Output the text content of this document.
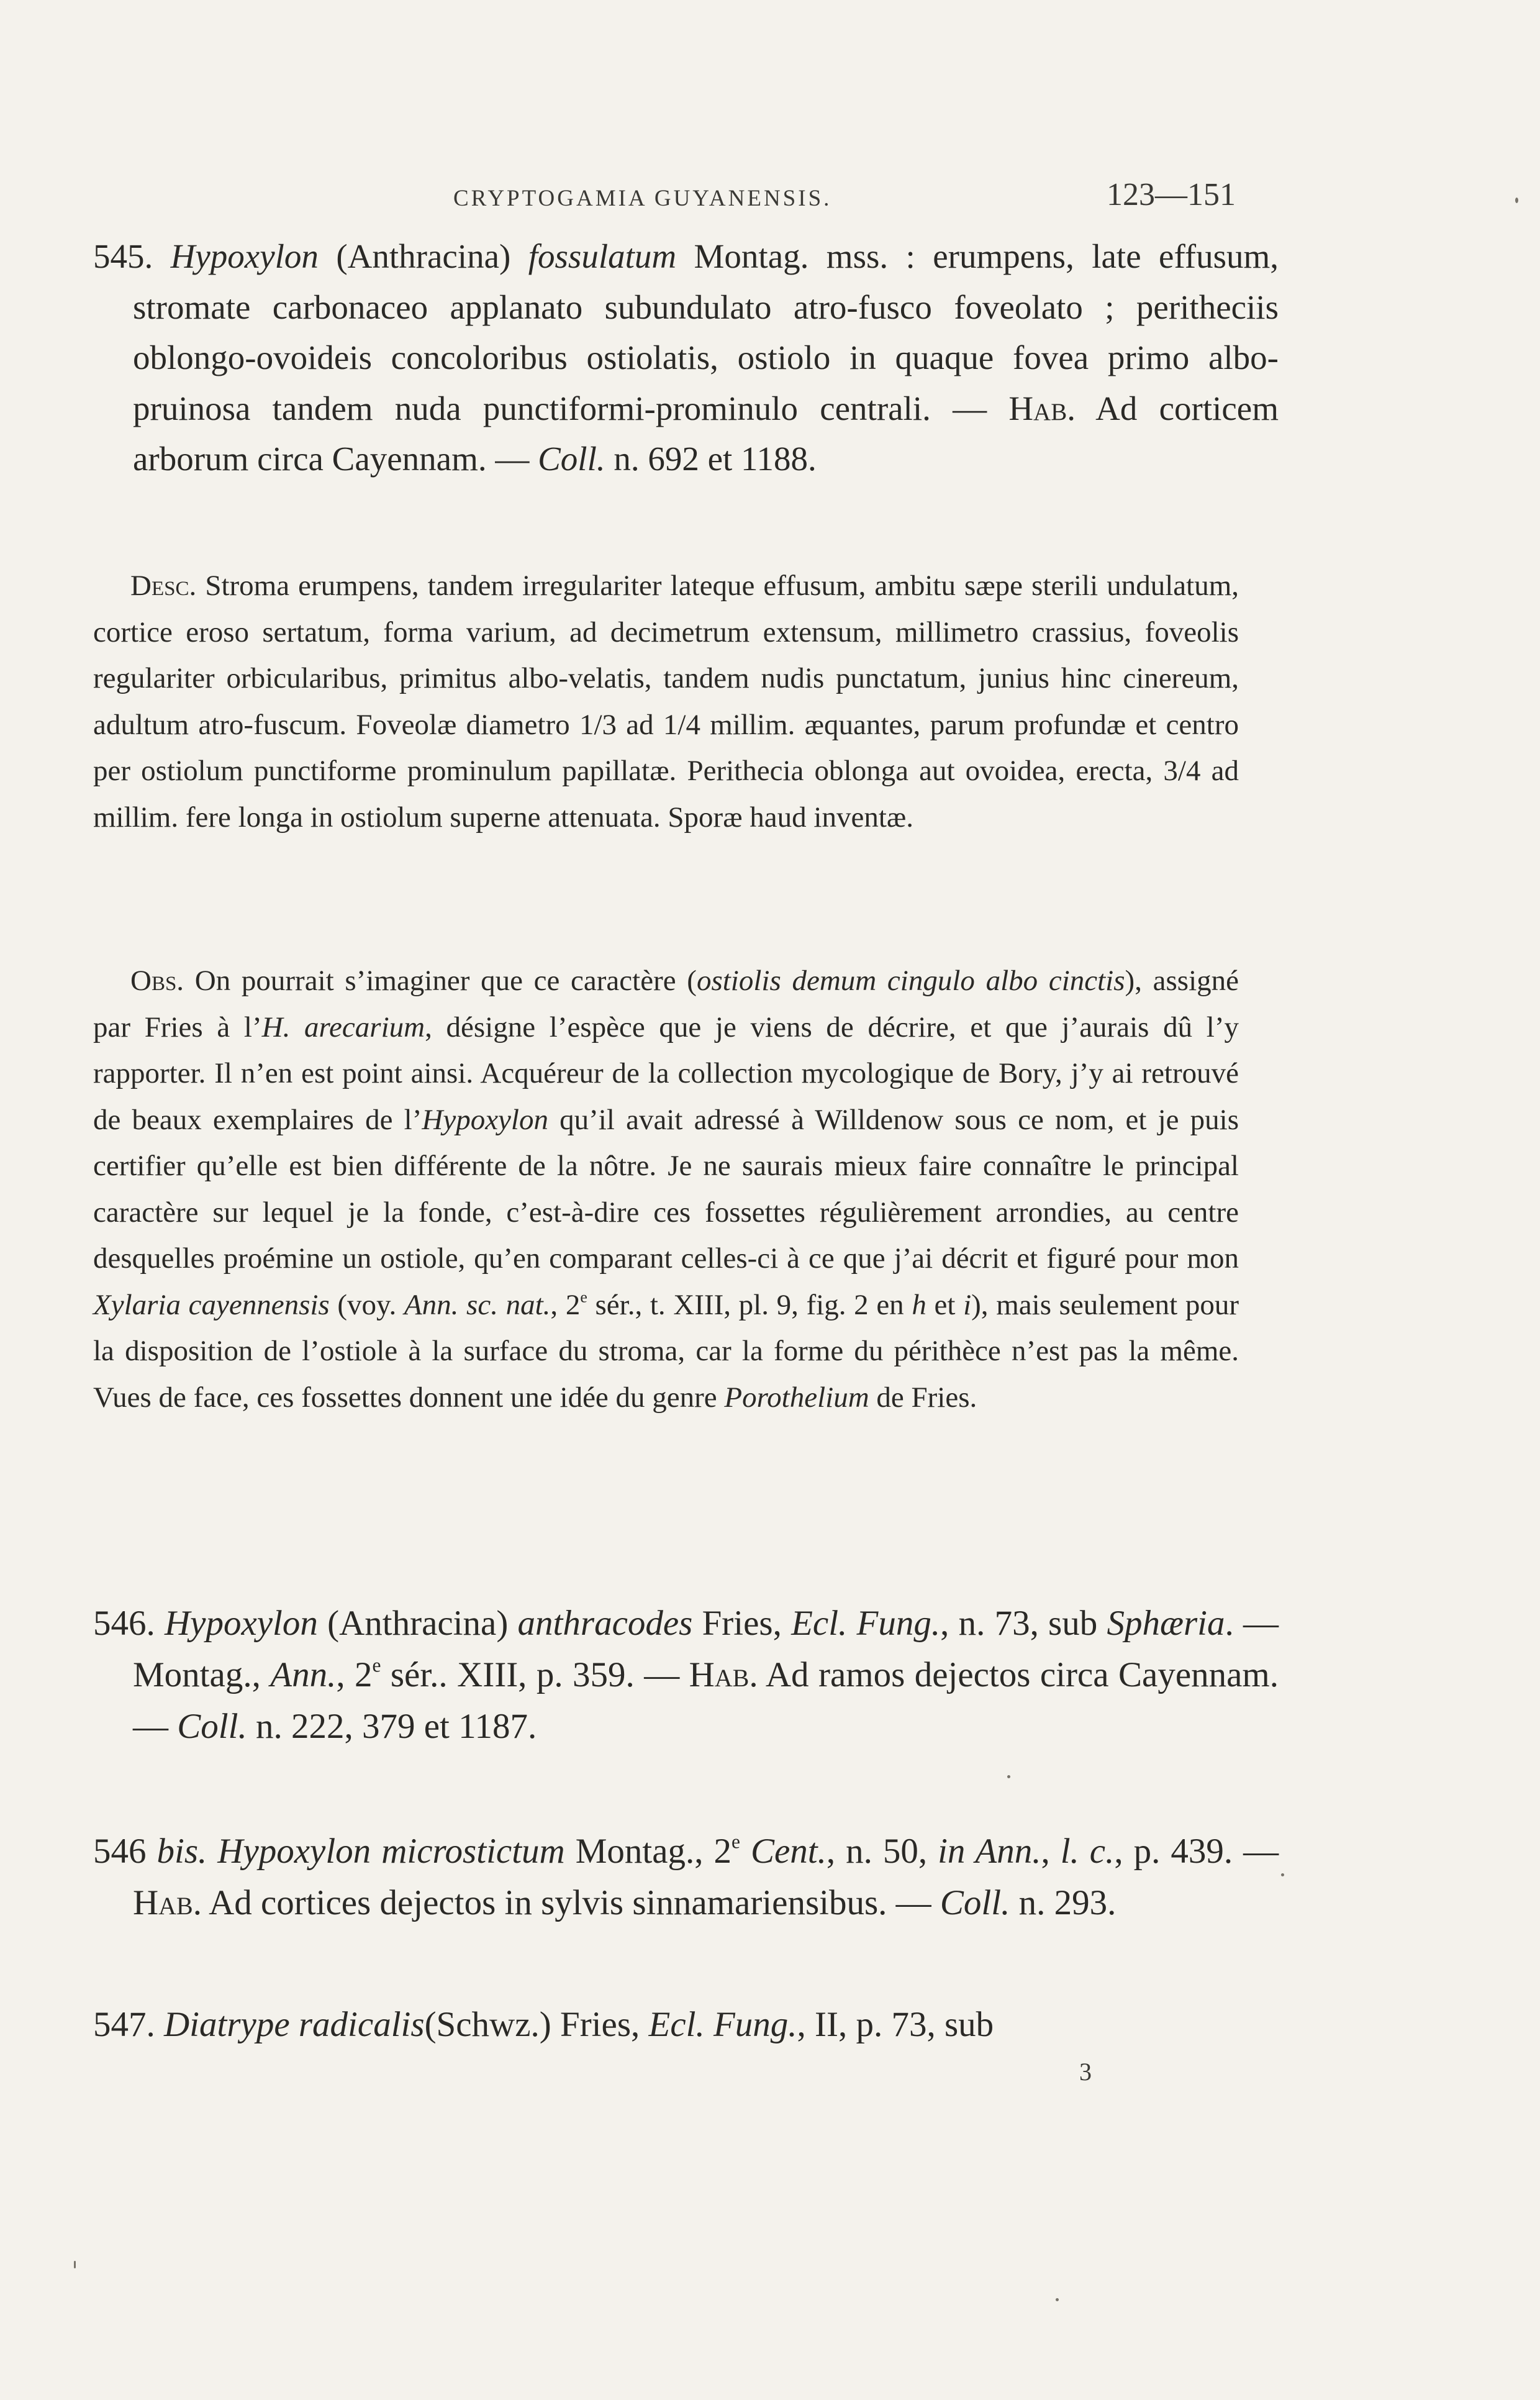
CRYPTOGAMIA GUYANENSIS.	123—151
545. Hypoxylon (Anthracina) fossulatum Montag. mss. : erumpens, late effusum, stromate carbonaceo applanato subundulato atro-fusco foveolato ; peritheciis oblongo-ovoideis concoloribus ostiolatis, ostiolo in quaque fovea primo albo-pruinosa tandem nuda punctiformi-prominulo centrali. — Hab. Ad corticem arborum circa Cayennam. — Coll. n. 692 et 1188.
Desc. Stroma erumpens, tandem irregulariter lateque effusum, ambitu sæpe sterili undulatum, cortice eroso sertatum, forma varium, ad decimetrum extensum, millimetro crassius, foveolis regulariter orbicularibus, primitus albo-velatis, tandem nudis punctatum, junius hinc cinereum, adultum atro-fuscum. Foveolæ diametro 1/3 ad 1/4 millim. æquantes, parum profundæ et centro per ostiolum punctiforme prominulum papillatæ. Perithecia oblonga aut ovoidea, erecta, 3/4 ad millim. fere longa in ostiolum superne attenuata. Sporæ haud inventæ.
Obs. On pourrait s’imaginer que ce caractère (ostiolis demum cingulo albo cinctis), assigné par Fries à l’H. arecarium, désigne l’espèce que je viens de décrire, et que j’aurais dû l’y rapporter. Il n’en est point ainsi. Acquéreur de la collection mycologique de Bory, j’y ai retrouvé de beaux exemplaires de l’Hypoxylon qu’il avait adressé à Willdenow sous ce nom, et je puis certifier qu’elle est bien différente de la nôtre. Je ne saurais mieux faire connaître le principal caractère sur lequel je la fonde, c’est-à-dire ces fossettes régulièrement arrondies, au centre desquelles proémine un ostiole, qu’en comparant celles-ci à ce que j’ai décrit et figuré pour mon Xylaria cayennensis (voy. Ann. sc. nat., 2e sér., t. XIII, pl. 9, fig. 2 en h et i), mais seulement pour la disposition de l’ostiole à la surface du stroma, car la forme du périthèce n’est pas la même. Vues de face, ces fossettes donnent une idée du genre Porothelium de Fries.
546. Hypoxylon (Anthracina) anthracodes Fries, Ecl. Fung., n. 73, sub Sphæria. — Montag., Ann., 2e sér.. XIII, p. 359. — Hab. Ad ramos dejectos circa Cayennam. — Coll. n. 222, 379 et 1187.
546 bis. Hypoxylon microstictum Montag., 2e Cent., n. 50, in Ann., l. c., p. 439. — Hab. Ad cortices dejectos in sylvis sinnamariensibus. — Coll. n. 293.
547. Diatrype radicalis(Schwz.) Fries, Ecl. Fung., II, p. 73, sub
3
